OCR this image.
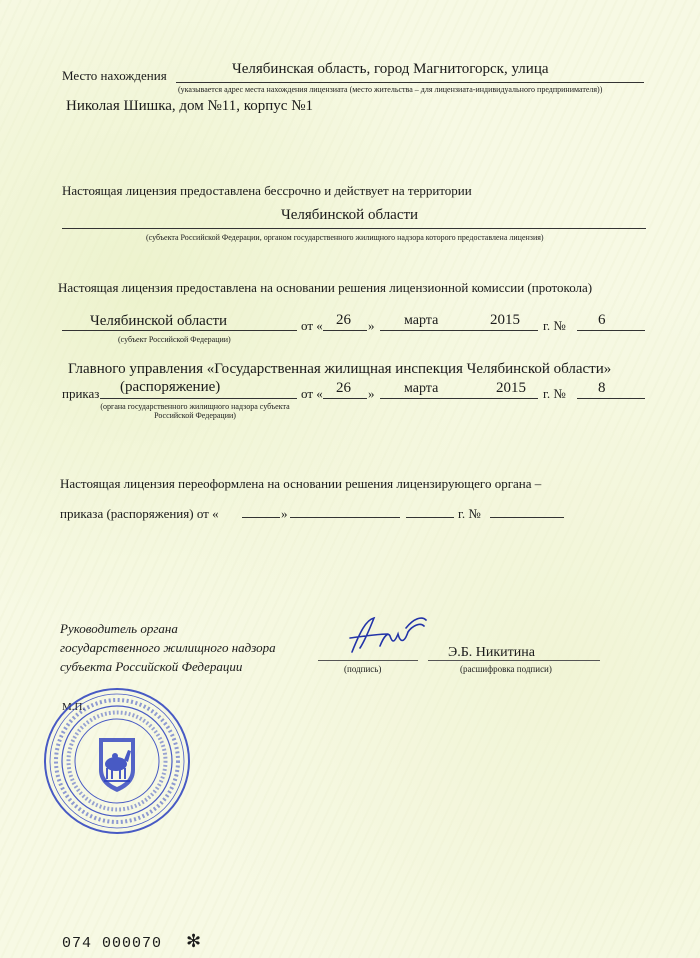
Место нахождения	Челябинская область, город Магнитогорск, улица
(указывается адрес места нахождения лицензиата (место жительства – для лицензиата-индивидуального предпринимателя))
Николая Шишка, дом №11, корпус №1
Настоящая лицензия предоставлена бессрочно и действует на территории
Челябинской области
(субъекта Российской Федерации, органом государственного жилищного надзора которого предоставлена лицензия)
Настоящая лицензия предоставлена на основании решения лицензионной комиссии (протокола)
Челябинской области
(субъект Российской Федерации)
от « 26 » марта	2015 г. № 6
Главного управления «Государственная жилищная инспекция Челябинской области»
приказ (распоряжение)
(органа государственного жилищного надзора субъекта
Российской Федерации)
от « 26 » марта	2015 г. № 8
Настоящая лицензия переоформлена на основании решения лицензирующего органа –
приказа (распоряжения) от «	»	г. №
Руководитель органа
государственного жилищного надзора
субъекта Российской Федерации	(подпись)
Э.Б. Никитина
(расшифровка подписи)
М.П.
074 000070 ✻
